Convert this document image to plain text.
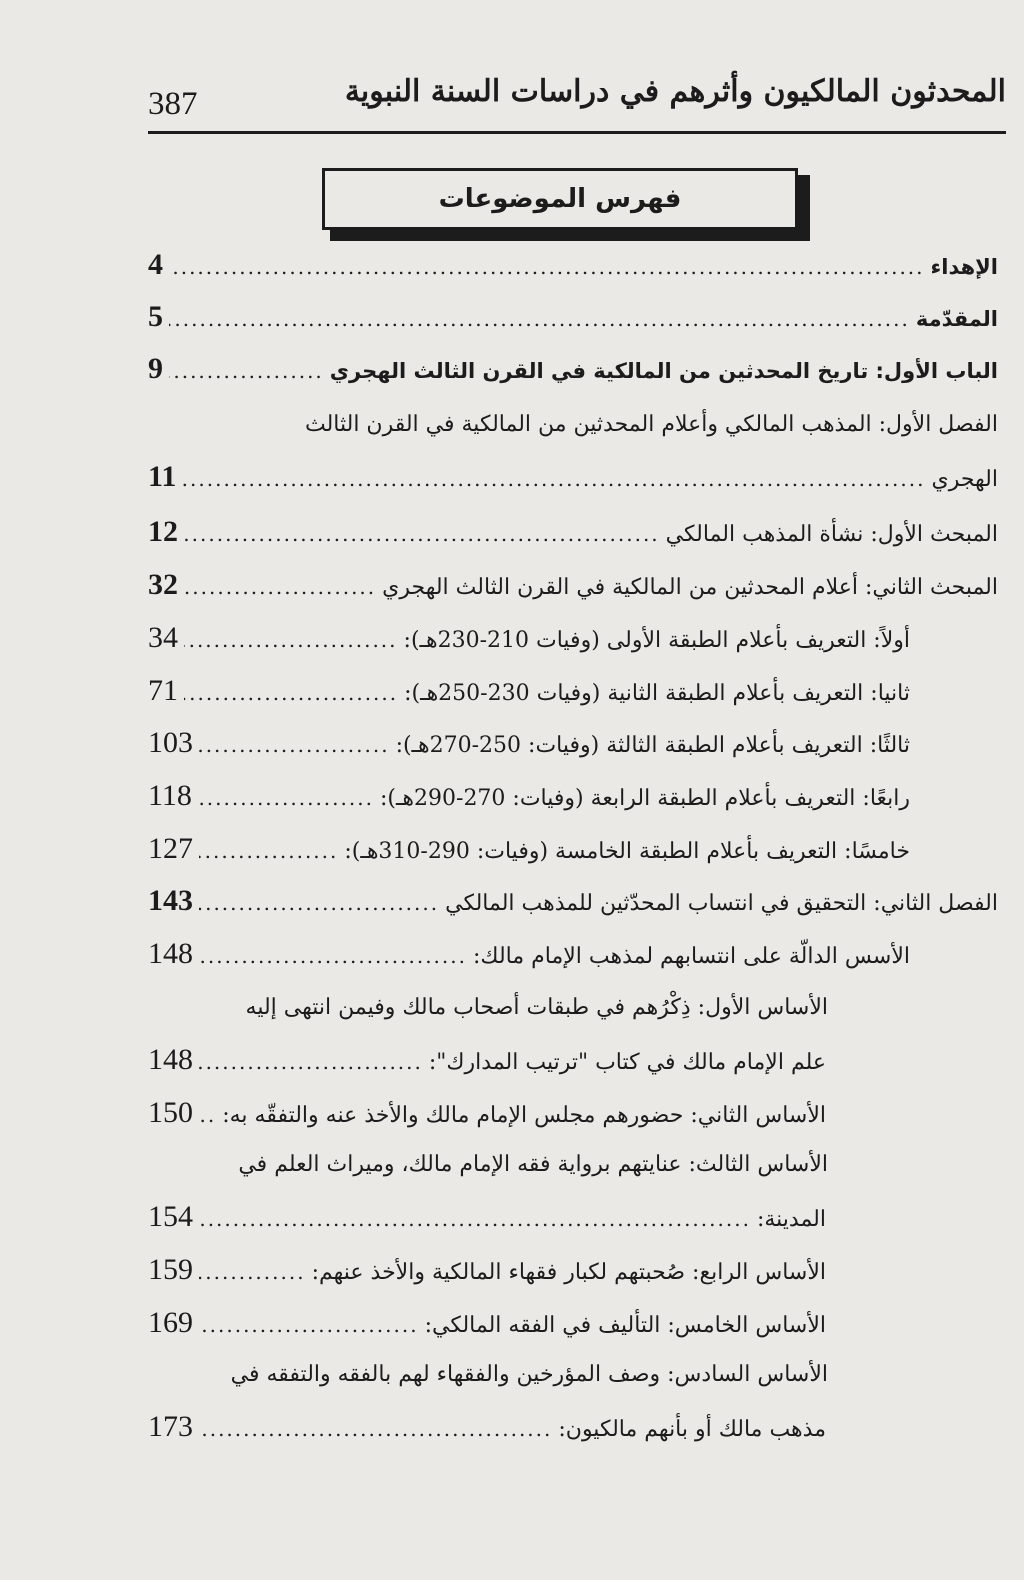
387	المحدثون المالكيون وأثرهم في دراسات السنة النبوية
فهرس الموضوعات
الإهداء
.....
4
المقدّمة
.....
5
الباب الأول: تاريخ المحدثين من المالكية في القرن الثالث الهجري
.....
9
الفصل الأول: المذهب المالكي وأعلام المحدثين من المالكية في القرن الثالث
الهجري
.....
11
المبحث الأول: نشأة المذهب المالكي
.....
12
المبحث الثاني: أعلام المحدثين من المالكية في القرن الثالث الهجري
.....
32
أولاً: التعريف بأعلام الطبقة الأولى (وفيات 210-230هـ):
.....
34
ثانيا: التعريف بأعلام الطبقة الثانية (وفيات 230-250هـ):
.....
71
ثالثًا: التعريف بأعلام الطبقة الثالثة (وفيات: 250-270هـ):
.....
103
رابعًا: التعريف بأعلام الطبقة الرابعة (وفيات: 270-290هـ):
.....
118
خامسًا: التعريف بأعلام الطبقة الخامسة (وفيات: 290-310هـ):
.....
127
الفصل الثاني: التحقيق في انتساب المحدّثين للمذهب المالكي
.....
143
الأسس الدالّة على انتسابهم لمذهب الإمام مالك:
.....
148
الأساس الأول: ذِكْرُهم في طبقات أصحاب مالك وفيمن انتهى إليه
علم الإمام مالك في كتاب "ترتيب المدارك":
.....
148
الأساس الثاني: حضورهم مجلس الإمام مالك والأخذ عنه والتفقّه به:
.....
150
الأساس الثالث: عنايتهم برواية فقه الإمام مالك، وميراث العلم في
المدينة:
.....
154
الأساس الرابع: صُحبتهم لكبار فقهاء المالكية والأخذ عنهم:
.....
159
الأساس الخامس: التأليف في الفقه المالكي:
.....
169
الأساس السادس: وصف المؤرخين والفقهاء لهم بالفقه والتفقه في
مذهب مالك أو بأنهم مالكيون:
.....
173
